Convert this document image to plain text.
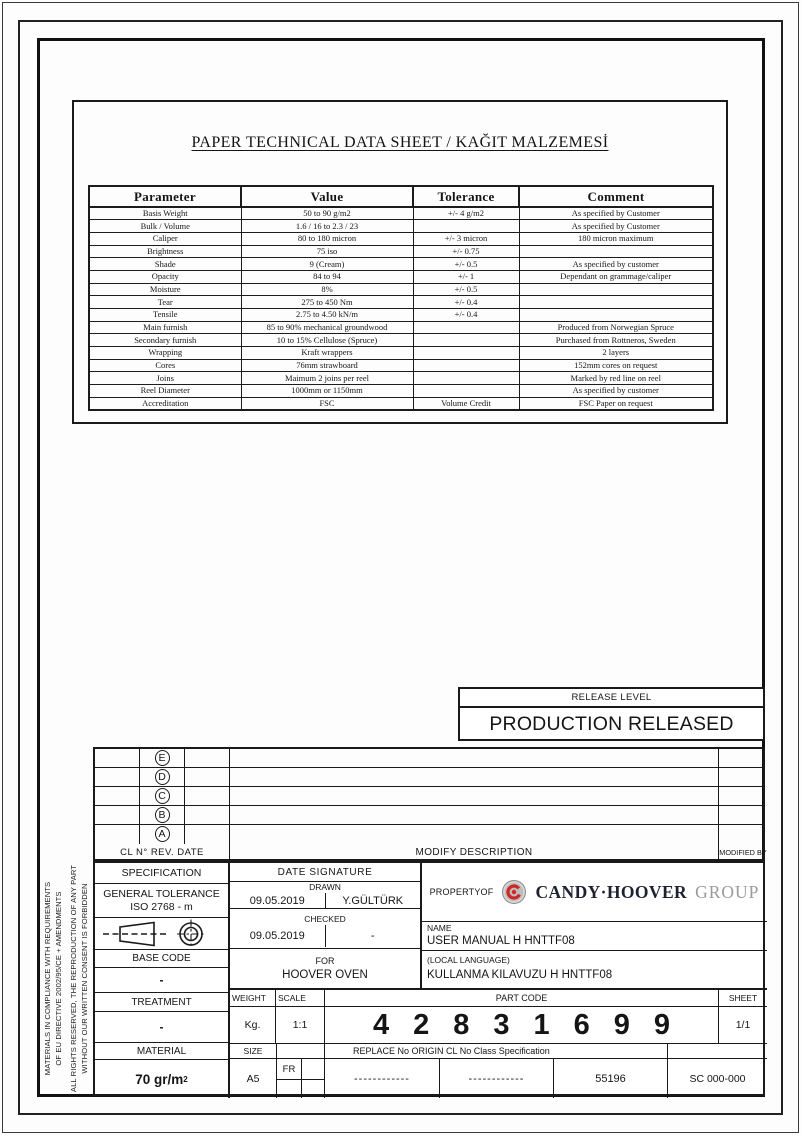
PAPER TECHNICAL DATA SHEET / KAĞIT MALZEMESİ
Parameter	Value	Tolerance	Comment
Basis Weight	50 to 90 g/m2	+/- 4 g/m2	As specified by Customer
Bulk / Volume	1.6 / 16 to 2.3 / 23		As specified by Customer
Caliper	80 to 180 micron	+/- 3 micron	180 micron maximum
Brightness	75 iso	+/- 0.75	
Shade	9 (Cream)	+/- 0.5	As specified by customer
Opacity	84 to 94	+/- 1	Dependant on grammage/caliper
Moisture	8%	+/- 0.5	
Tear	275 to 450 Nm	+/- 0.4	
Tensile	2.75 to 4.50 kN/m	+/- 0.4	
Main furnish	85 to 90% mechanical groundwood		Produced from Norwegian Spruce
Secondary furnish	10 to 15% Cellulose (Spruce)		Purchased from Rottneros, Sweden
Wrapping	Kraft wrappers		2 layers
Cores	76mm strawboard		152mm cores on request
Joins	Maimum 2 joins per reel		Marked by red line on reel
Reel Diameter	1000mm or 1150mm		As specified by customer
Accreditation	FSC	Volume Credit	FSC Paper on request
RELEASE LEVEL
PRODUCTION RELEASED
E
D
C
B
A
CL N° REV. DATE	MODIFY DESCRIPTION	MODIFIED BY
SPECIFICATION
GENERAL TOLERANCE
ISO 2768 - m
BASE CODE
-
TREATMENT
-
MATERIAL
70 gr/m 2
DATE SIGNATURE
DRAWN
09.05.2019	Y.GÜLTÜRK
CHECKED
09.05.2019	-
FOR
HOOVER OVEN
PROPERTYOF CANDY·HOOVER GROUP
NAME
USER MANUAL H HNTTF08
(LOCAL LANGUAGE)
KULLANMA KILAVUZU H HNTTF08
WEIGHT	SCALE	PART CODE	SHEET
Kg.	1:1	42831699	1/1
SIZE	REPLACE No ORIGIN CL No Class Specification
A5
FR
------------	------------	55196	SC 000-000
MATERIALS IN COMPLIANCE WITH REQUIREMENTS OF EU DIRECTIVE 2002/95/CE + AMENDMENTS ALL RIGHTS RESERVED, THE REPRODUCTION OF ANY PART WITHOUT OUR WRITTEN CONSENT IS FORBIDDEN
